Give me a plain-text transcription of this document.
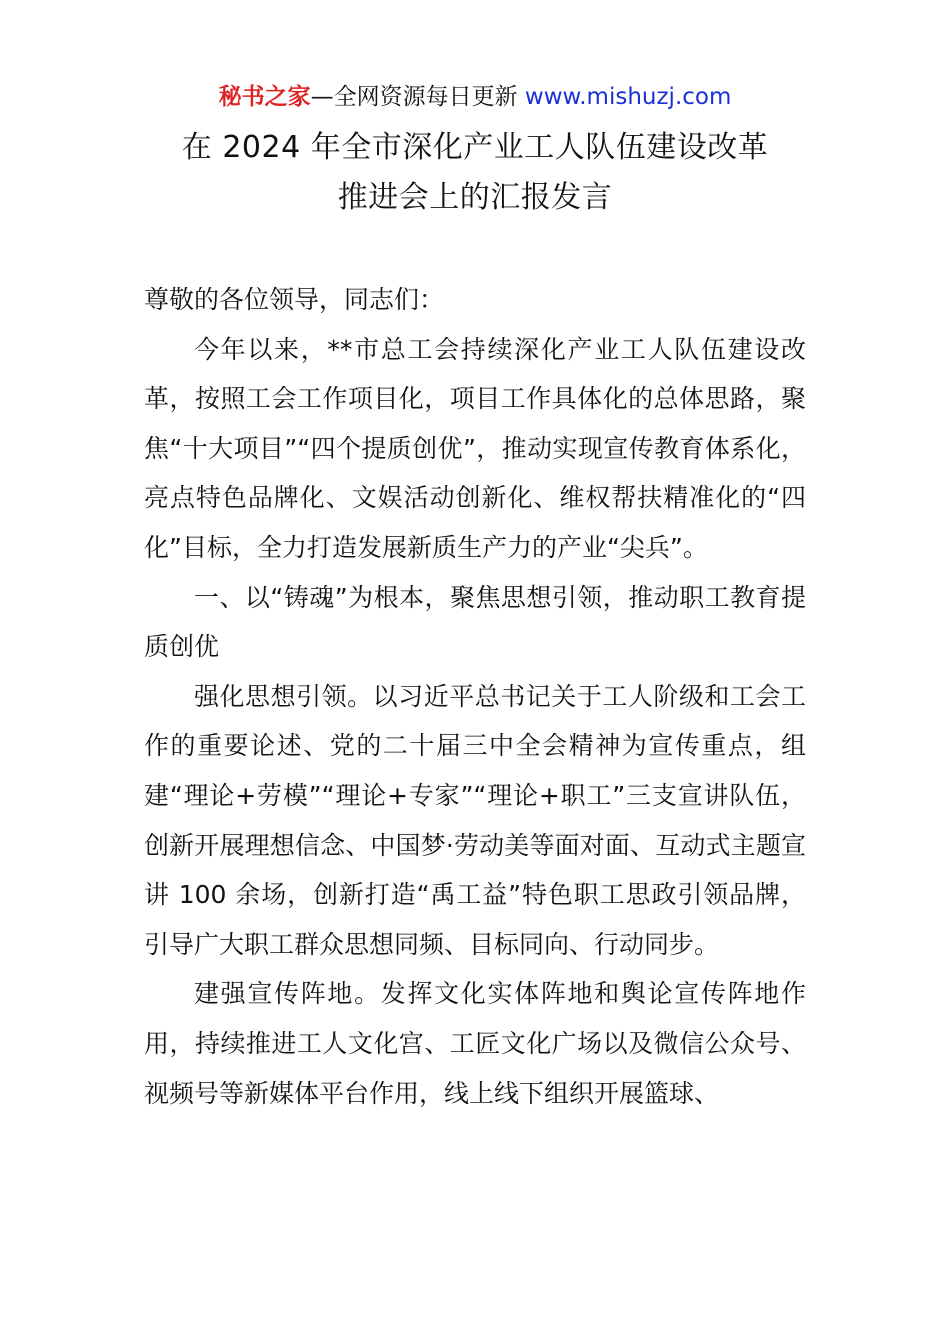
秘书之家—全网资源每日更新 www.mishuzj.com
在 2024 年全市深化产业工人队伍建设改革
推进会上的汇报发言

尊敬的各位领导，同志们：

今年以来，**市总工会持续深化产业工人队伍建设改革，按照工会工作项目化，项目工作具体化的总体思路，聚焦“十大项目”“四个提质创优”，推动实现宣传教育体系化，亮点特色品牌化、文娱活动创新化、维权帮扶精准化的“四化”目标，全力打造发展新质生产力的产业“尖兵”。

一、以“铸魂”为根本，聚焦思想引领，推动职工教育提质创优

强化思想引领。以习近平总书记关于工人阶级和工会工作的重要论述、党的二十届三中全会精神为宣传重点，组建“理论+劳模”“理论+专家”“理论+职工”三支宣讲队伍，创新开展理想信念、中国梦·劳动美等面对面、互动式主题宣讲 100 余场，创新打造“禹工益”特色职工思政引领品牌，引导广大职工群众思想同频、目标同向、行动同步。

建强宣传阵地。发挥文化实体阵地和舆论宣传阵地作用，持续推进工人文化宫、工匠文化广场以及微信公众号、视频号等新媒体平台作用，线上线下组织开展篮球、
